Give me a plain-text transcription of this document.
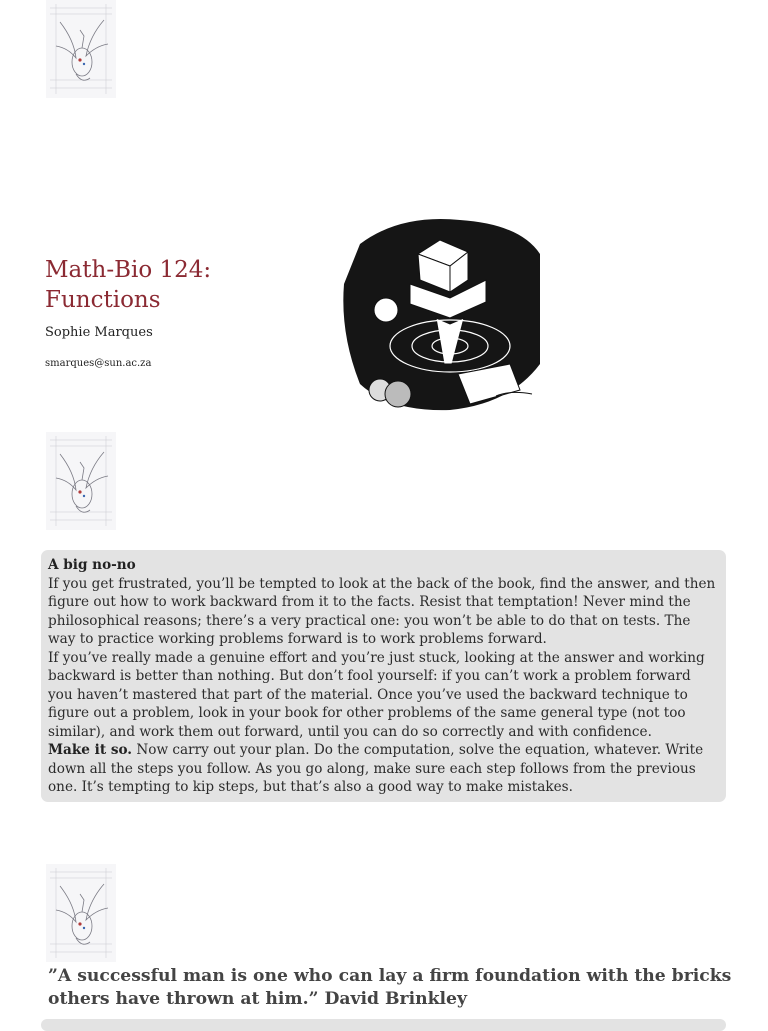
Math-Bio 124:
Functions
Sophie Marques
smarques@sun.ac.za

A big no-no

If you get frustrated, you’ll be tempted to look at the back of the book, find the answer, and then figure out how to work backward from it to the facts. Resist that temptation! Never mind the philosophical reasons; there’s a very practical one: you won’t be able to do that on tests. The way to practice working problems forward is to work problems forward.

If you’ve really made a genuine effort and you’re just stuck, looking at the answer and working backward is better than nothing. But don’t fool yourself: if you can’t work a problem forward you haven’t mastered that part of the material. Once you’ve used the backward technique to figure out a problem, look in your book for other problems of the same general type (not too similar), and work them out forward, until you can do so correctly and with confidence.

Make it so. Now carry out your plan. Do the computation, solve the equation, whatever. Write down all the steps you follow. As you go along, make sure each step follows from the previous one. It’s tempting to kip steps, but that’s also a good way to make mistakes.

”A successful man is one who can lay a firm foundation with the bricks others have thrown at him.” David Brinkley
